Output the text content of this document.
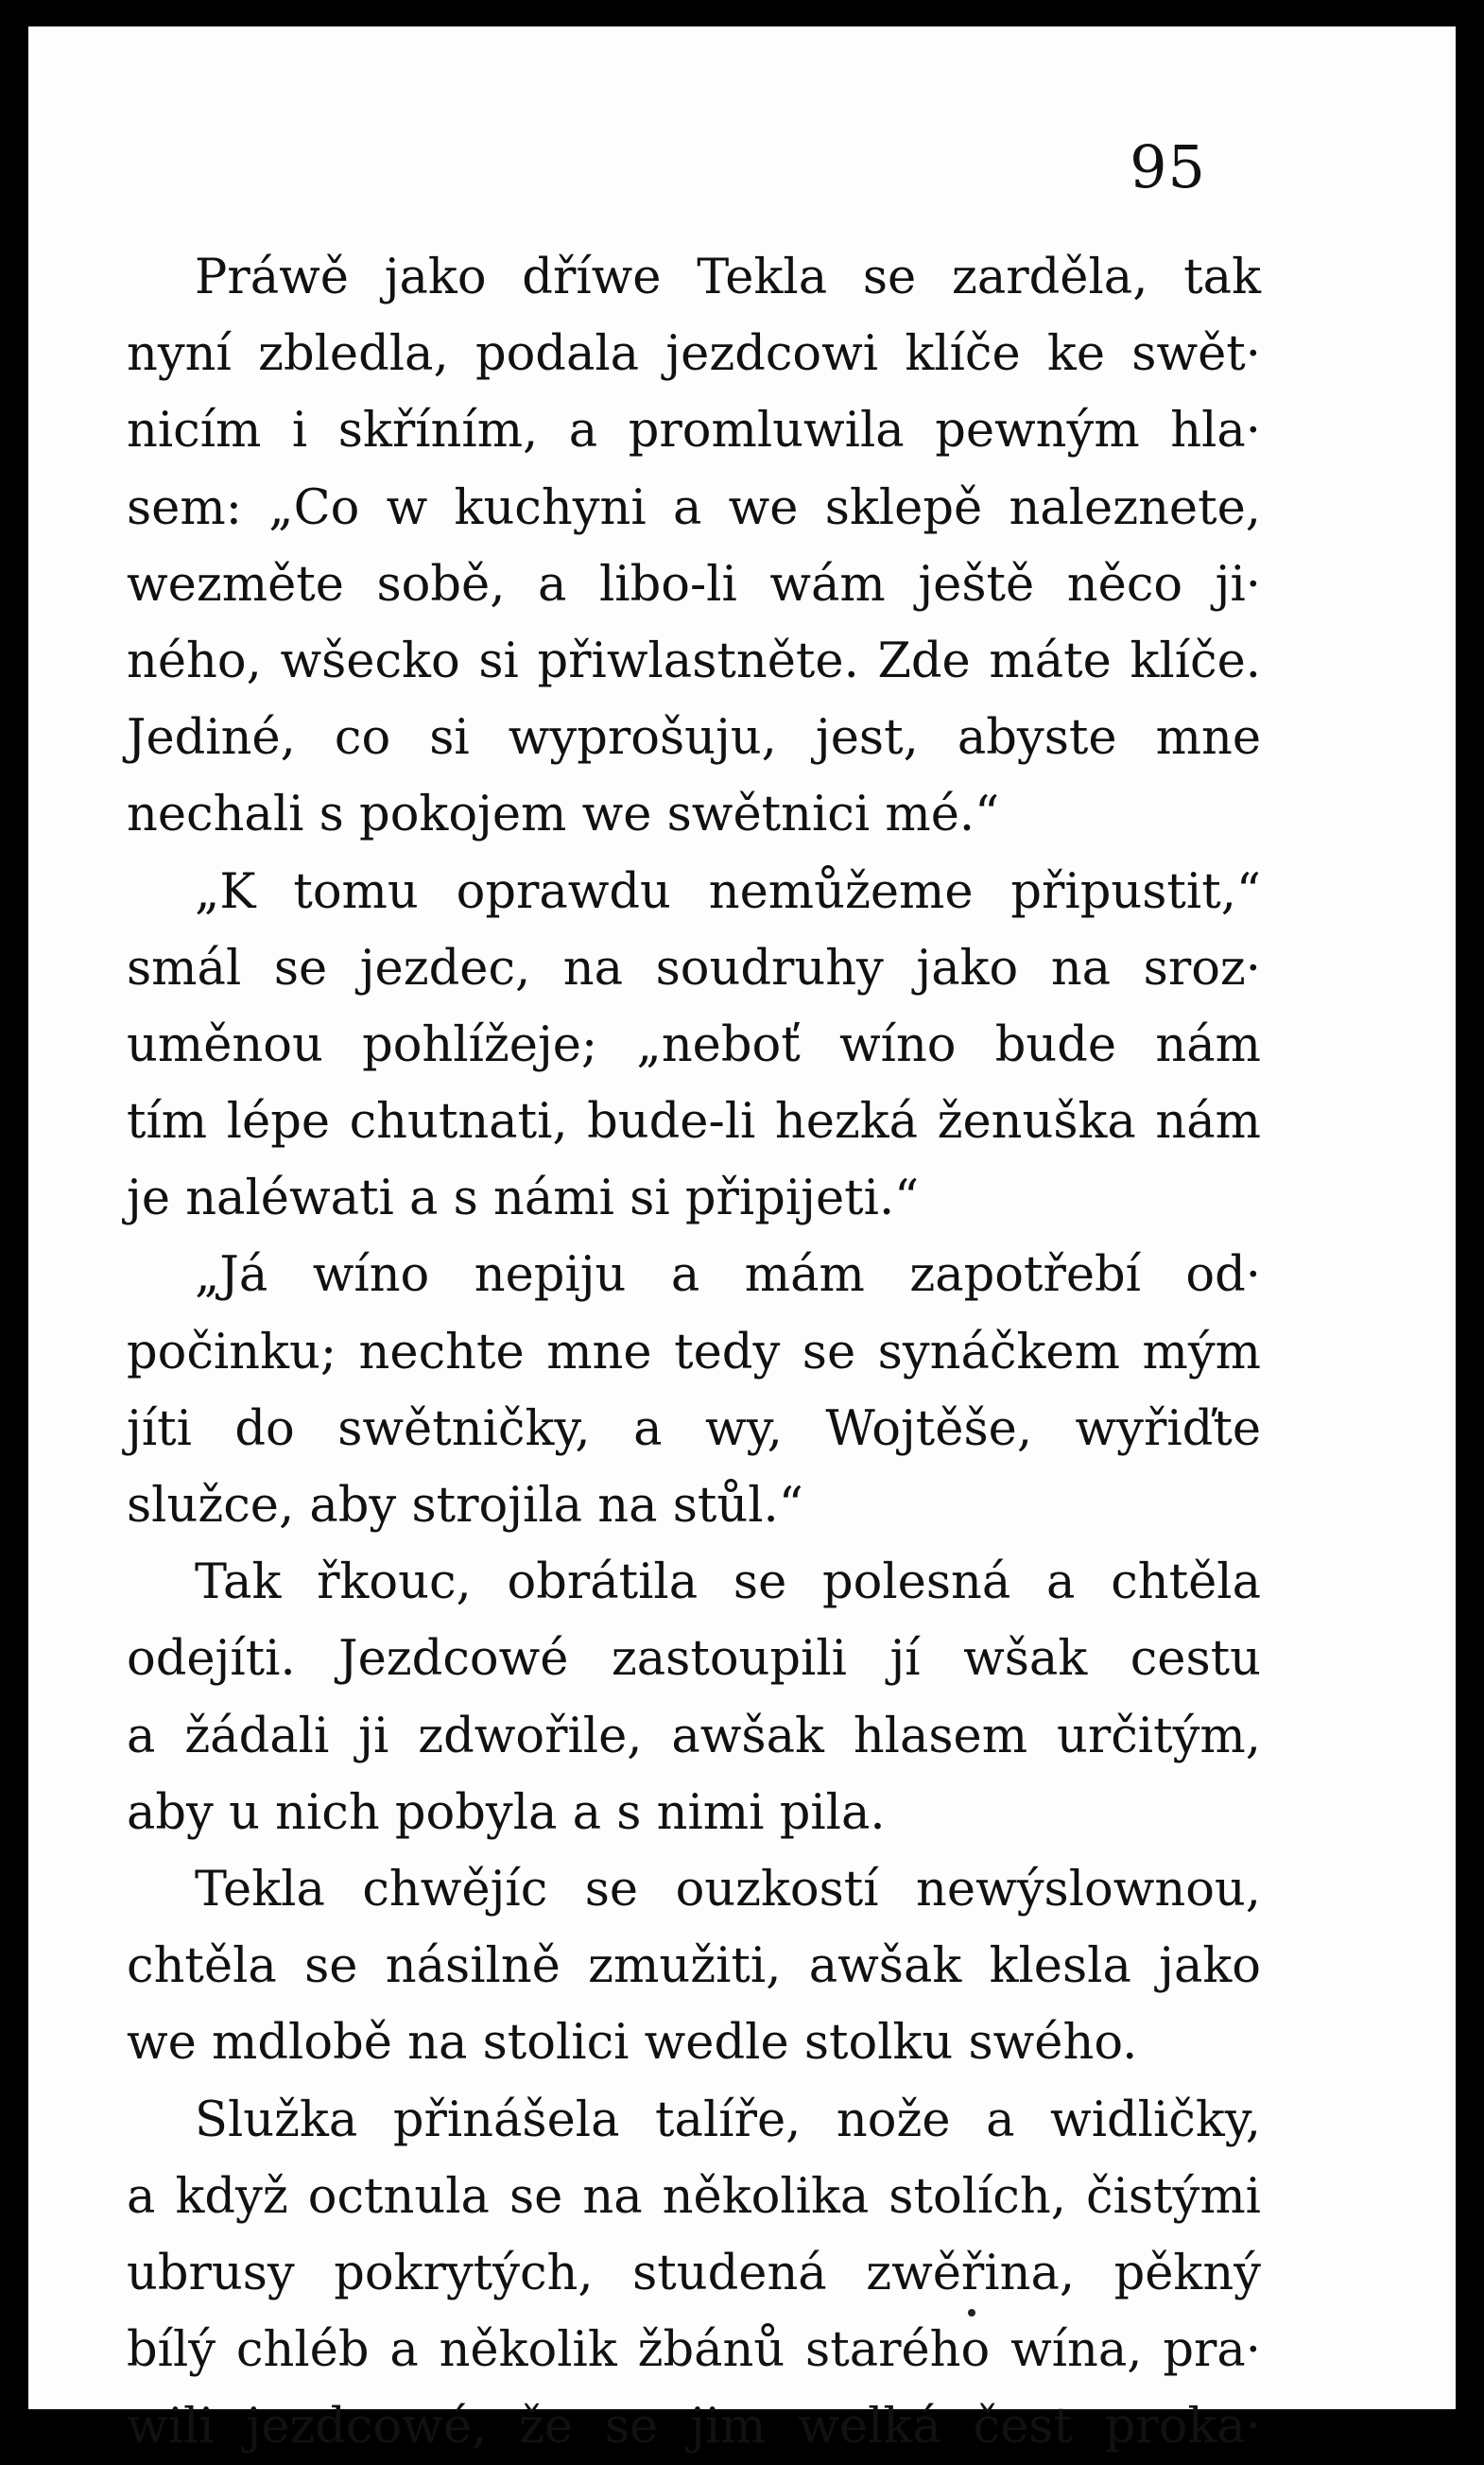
95
Práwě jako dříwe Tekla se zarděla, tak
nyní zbledla, podala jezdcowi klíče ke swět·
nicím i skříním, a promluwila pewným hla·
sem: „Co w kuchyni a we sklepě naleznete,
wezměte sobě, a libo-li wám ještě něco ji·
ného, wšecko si přiwlastněte. Zde máte klíče.
Jediné, co si wyprošuju, jest, abyste mne
nechali s pokojem we swětnici mé.“
„K tomu oprawdu nemůžeme připustit,“
smál se jezdec, na soudruhy jako na sroz·
uměnou pohlížeje; „neboť wíno bude nám
tím lépe chutnati, bude-li hezká ženuška nám
je naléwati a s námi si připijeti.“
„Já wíno nepiju a mám zapotřebí od·
počinku; nechte mne tedy se synáčkem mým
jíti do swětničky, a wy, Wojtěše, wyřiďte
služce, aby strojila na stůl.“
Tak řkouc, obrátila se polesná a chtěla
odejíti. Jezdcowé zastoupili jí wšak cestu
a žádali ji zdwořile, awšak hlasem určitým,
aby u nich pobyla a s nimi pila.
Tekla chwějíc se ouzkostí newýslownou,
chtěla se násilně zmužiti, awšak klesla jako
we mdlobě na stolici wedle stolku swého.
Služka přinášela talíře, nože a widličky,
a když octnula se na několika stolích, čistými
ubrusy pokrytých, studená zwěřina, pěkný
bílý chléb a několik žbánů starého wína, pra·
wili jezdcowé, že se jim welká čest proka·
